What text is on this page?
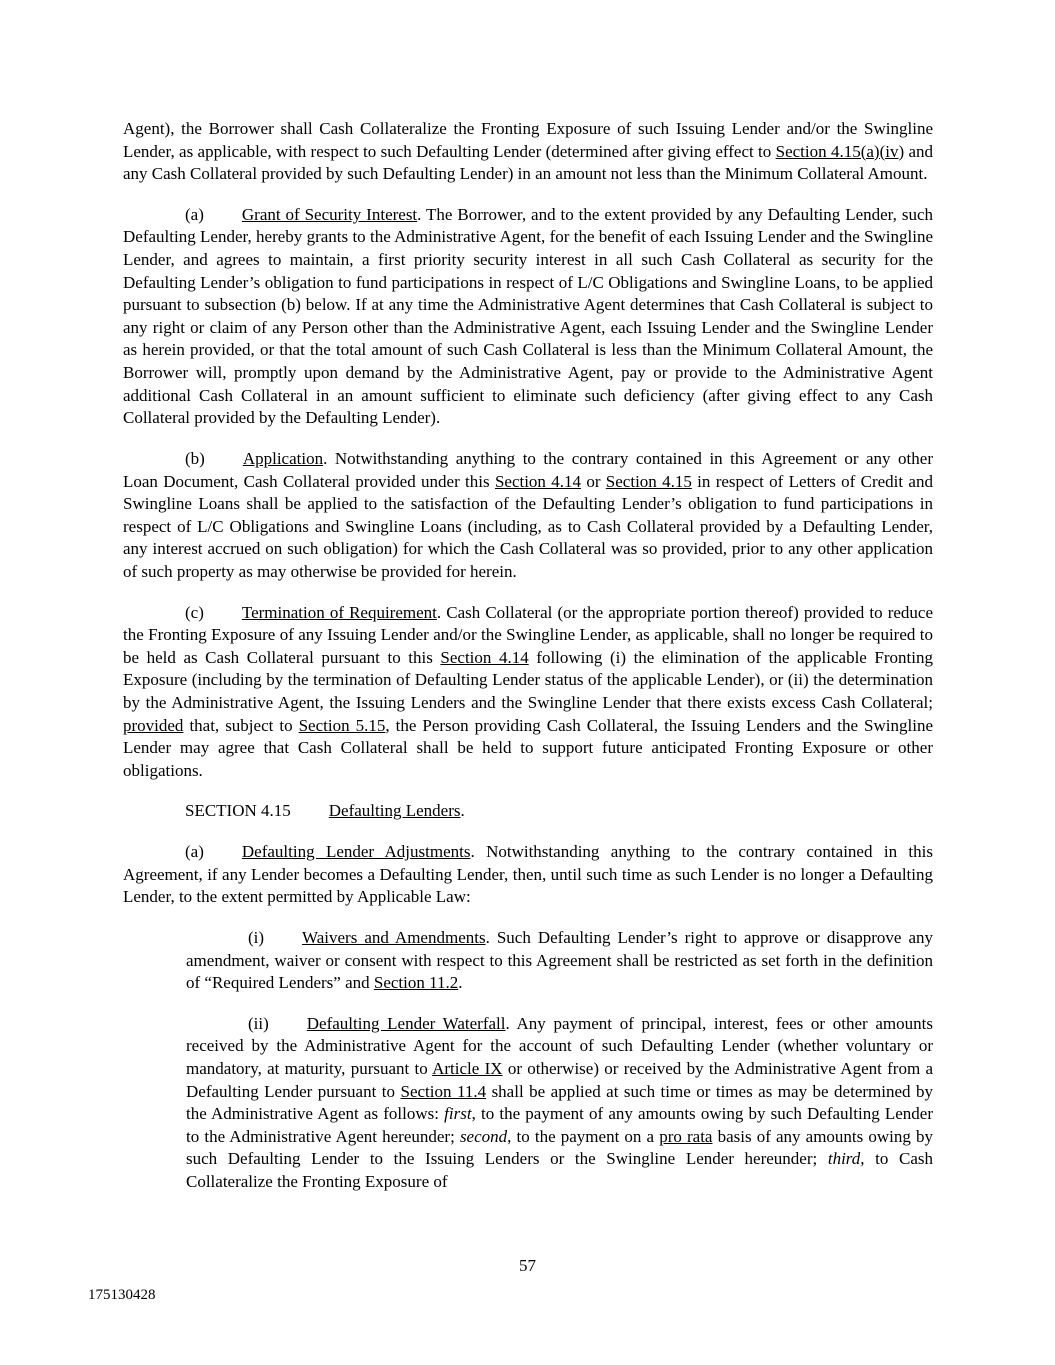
Agent), the Borrower shall Cash Collateralize the Fronting Exposure of such Issuing Lender and/or the Swingline Lender, as applicable, with respect to such Defaulting Lender (determined after giving effect to Section 4.15(a)(iv) and any Cash Collateral provided by such Defaulting Lender) in an amount not less than the Minimum Collateral Amount.

(a) Grant of Security Interest. The Borrower, and to the extent provided by any Defaulting Lender, such Defaulting Lender, hereby grants to the Administrative Agent, for the benefit of each Issuing Lender and the Swingline Lender, and agrees to maintain, a first priority security interest in all such Cash Collateral as security for the Defaulting Lender’s obligation to fund participations in respect of L/C Obligations and Swingline Loans, to be applied pursuant to subsection (b) below. If at any time the Administrative Agent determines that Cash Collateral is subject to any right or claim of any Person other than the Administrative Agent, each Issuing Lender and the Swingline Lender as herein provided, or that the total amount of such Cash Collateral is less than the Minimum Collateral Amount, the Borrower will, promptly upon demand by the Administrative Agent, pay or provide to the Administrative Agent additional Cash Collateral in an amount sufficient to eliminate such deficiency (after giving effect to any Cash Collateral provided by the Defaulting Lender).

(b) Application. Notwithstanding anything to the contrary contained in this Agreement or any other Loan Document, Cash Collateral provided under this Section 4.14 or Section 4.15 in respect of Letters of Credit and Swingline Loans shall be applied to the satisfaction of the Defaulting Lender’s obligation to fund participations in respect of L/C Obligations and Swingline Loans (including, as to Cash Collateral provided by a Defaulting Lender, any interest accrued on such obligation) for which the Cash Collateral was so provided, prior to any other application of such property as may otherwise be provided for herein.

(c) Termination of Requirement. Cash Collateral (or the appropriate portion thereof) provided to reduce the Fronting Exposure of any Issuing Lender and/or the Swingline Lender, as applicable, shall no longer be required to be held as Cash Collateral pursuant to this Section 4.14 following (i) the elimination of the applicable Fronting Exposure (including by the termination of Defaulting Lender status of the applicable Lender), or (ii) the determination by the Administrative Agent, the Issuing Lenders and the Swingline Lender that there exists excess Cash Collateral; provided that, subject to Section 5.15, the Person providing Cash Collateral, the Issuing Lenders and the Swingline Lender may agree that Cash Collateral shall be held to support future anticipated Fronting Exposure or other obligations.

SECTION 4.15 Defaulting Lenders.

(a) Defaulting Lender Adjustments. Notwithstanding anything to the contrary contained in this Agreement, if any Lender becomes a Defaulting Lender, then, until such time as such Lender is no longer a Defaulting Lender, to the extent permitted by Applicable Law:

(i) Waivers and Amendments. Such Defaulting Lender’s right to approve or disapprove any amendment, waiver or consent with respect to this Agreement shall be restricted as set forth in the definition of “Required Lenders” and Section 11.2.

(ii) Defaulting Lender Waterfall. Any payment of principal, interest, fees or other amounts received by the Administrative Agent for the account of such Defaulting Lender (whether voluntary or mandatory, at maturity, pursuant to Article IX or otherwise) or received by the Administrative Agent from a Defaulting Lender pursuant to Section 11.4 shall be applied at such time or times as may be determined by the Administrative Agent as follows: first, to the payment of any amounts owing by such Defaulting Lender to the Administrative Agent hereunder; second, to the payment on a pro rata basis of any amounts owing by such Defaulting Lender to the Issuing Lenders or the Swingline Lender hereunder; third, to Cash Collateralize the Fronting Exposure of

57
175130428
